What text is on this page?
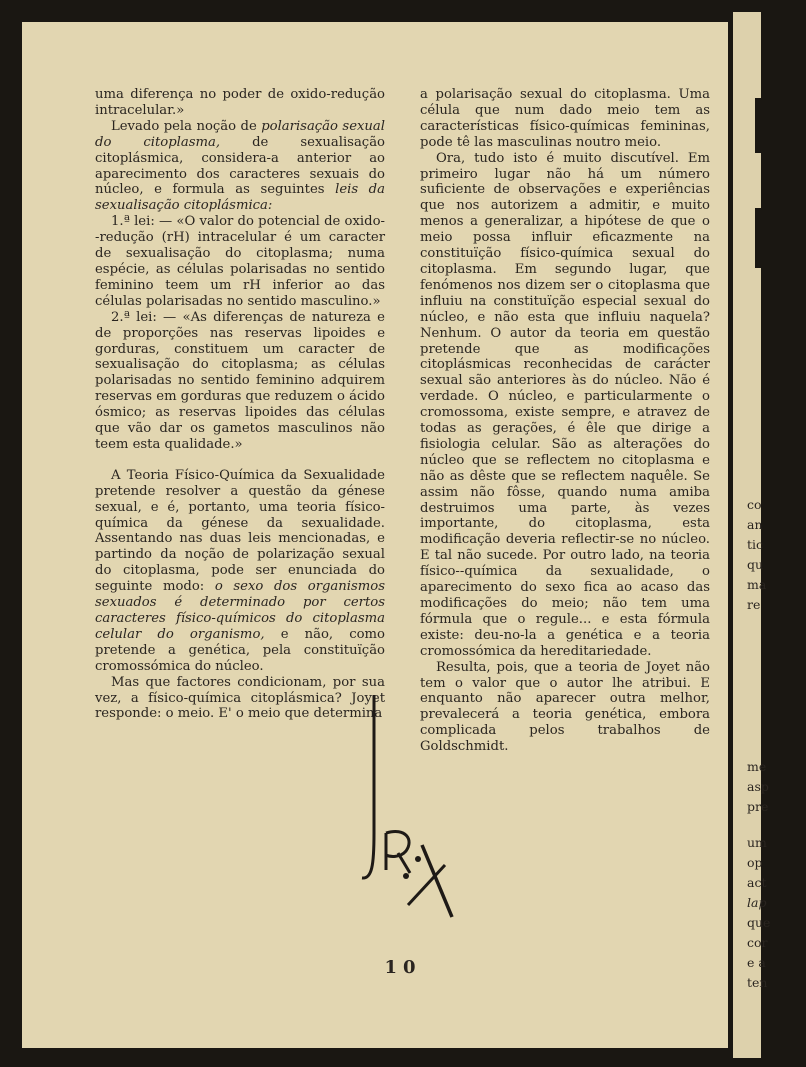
co
an
tic
qu
ma
re
me
asp
pre
um
op
act
lap
que
cor
e a
ten

uma diferença no poder de oxido-redução intracelular.»

Levado pela noção de polarisação sexual do citoplasma, de sexualisação citoplásmica, considera-a anterior ao aparecimento dos caracteres sexuais do núcleo, e formula as seguintes leis da sexualisação citoplásmica:

1.ª lei: — «O valor do potencial de oxido--redução (rH) intracelular é um caracter de sexualisação do citoplasma; numa espécie, as células polarisadas no sentido feminino teem um rH inferior ao das células polarisadas no sentido masculino.»

2.ª lei: — «As diferenças de natureza e de proporções nas reservas lipoides e gorduras, constituem um caracter de sexualisação do citoplasma; as células polarisadas no sentido feminino adquirem reservas em gorduras que reduzem o ácido ósmico; as reservas lipoides das células que vão dar os gametos masculinos não teem esta qualidade.»

A Teoria Físico-Química da Sexualidade pretende resolver a questão da génese sexual, e é, portanto, uma teoria físico-química da génese da sexualidade. Assentando nas duas leis mencionadas, e partindo da noção de polarização sexual do citoplasma, pode ser enunciada do seguinte modo: o sexo dos organismos sexuados é determinado por certos caracteres físico-químicos do citoplasma celular do organismo, e não, como pretende a genética, pela constituïção cromossómica do núcleo.

Mas que factores condicionam, por sua vez, a físico-química citoplásmica? Joyet responde: o meio. E' o meio que determina

a polarisação sexual do citoplasma. Uma célula que num dado meio tem as características físico-químicas femininas, pode tê las masculinas noutro meio.

Ora, tudo isto é muito discutível. Em primeiro lugar não há um número suficiente de observações e experiências que nos autorizem a admitir, e muito menos a generalizar, a hipótese de que o meio possa influir eficazmente na constituïção físico-química sexual do citoplasma. Em segundo lugar, que fenómenos nos dizem ser o citoplasma que influiu na constituïção especial sexual do núcleo, e não esta que influiu naquela? Nenhum. O autor da teoria em questão pretende que as modificações citoplásmicas reconhecidas de carácter sexual são anteriores às do núcleo. Não é verdade. O núcleo, e particularmente o cromossoma, existe sempre, e atravez de todas as gerações, é êle que dirige a fisiologia celular. São as alterações do núcleo que se reflectem no citoplasma e não as dêste que se reflectem naquêle. Se assim não fôsse, quando numa amiba destruimos uma parte, às vezes importante, do citoplasma, esta modificação deveria reflectir-se no núcleo. E tal não sucede. Por outro lado, na teoria físico--química da sexualidade, o aparecimento do sexo fica ao acaso das modificações do meio; não tem uma fórmula que o regule... e esta fórmula existe: deu-no-la a genética e a teoria cromossómica da hereditariedade.

Resulta, pois, que a teoria de Joyet não tem o valor que o autor lhe atribui. E enquanto não aparecer outra melhor, prevalecerá a teoria genética, embora complicada pelos trabalhos de Goldschmidt.

10
